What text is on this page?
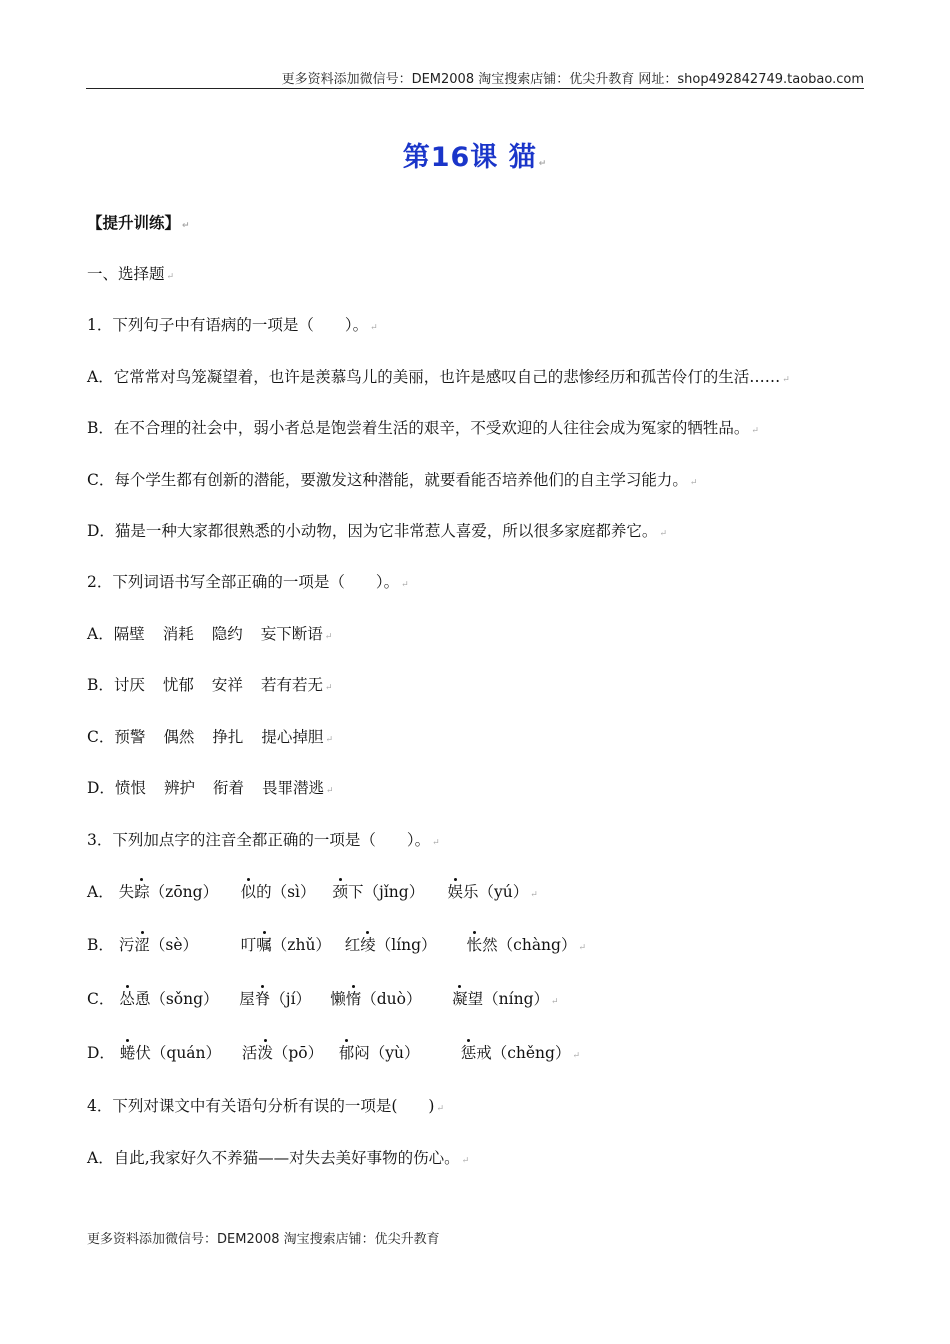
更多资料添加微信号：DEM2008 淘宝搜索店铺：优尖升教育 网址：shop492842749.taobao.com
第16课 猫 ↵
【提升训练】 ↵
一、选择题 ↵
1．下列句子中有语病的一项是（　　）。 ↵
A．它常常对鸟笼凝望着，也许是羡慕鸟儿的美丽，也许是感叹自己的悲惨经历和孤苦伶仃的生活…… ↵
B．在不合理的社会中，弱小者总是饱尝着生活的艰辛，不受欢迎的人往往会成为冤家的牺牲品。 ↵
C．每个学生都有创新的潜能，要激发这种潜能，就要看能否培养他们的自主学习能力。 ↵
D．猫是一种大家都很熟悉的小动物，因为它非常惹人喜爱，所以很多家庭都养它。 ↵
2．下列词语书写全部正确的一项是（　　）。 ↵
A．隔壁 消耗 隐约 妄下断语 ↵
B．讨厌 忧郁 安祥 若有若无 ↵
C．预警 偶然 挣扎 提心掉胆 ↵
D．愤恨 辨护 衔着 畏罪潜逃 ↵
3．下列加点字的注音全都正确的一项是（　　）。 ↵
A． 失踪（zōng） 似的（sì） 颈下（jǐng） 娱乐（yú） ↵
B． 污涩（sè）	叮嘱（zhǔ） 红绫（líng） 怅然（chàng） ↵
C． 怂恿（sǒng） 屋脊（jí） 懒惰（duò） 凝望（níng） ↵
D． 蜷伏（quán） 活泼（pō） 郁闷（yù）	惩戒（chěng） ↵
4．下列对课文中有关语句分析有误的一项是(　　) ↵
A．自此,我家好久不养猫——对失去美好事物的伤心。 ↵
更多资料添加微信号：DEM2008 淘宝搜索店铺：优尖升教育
